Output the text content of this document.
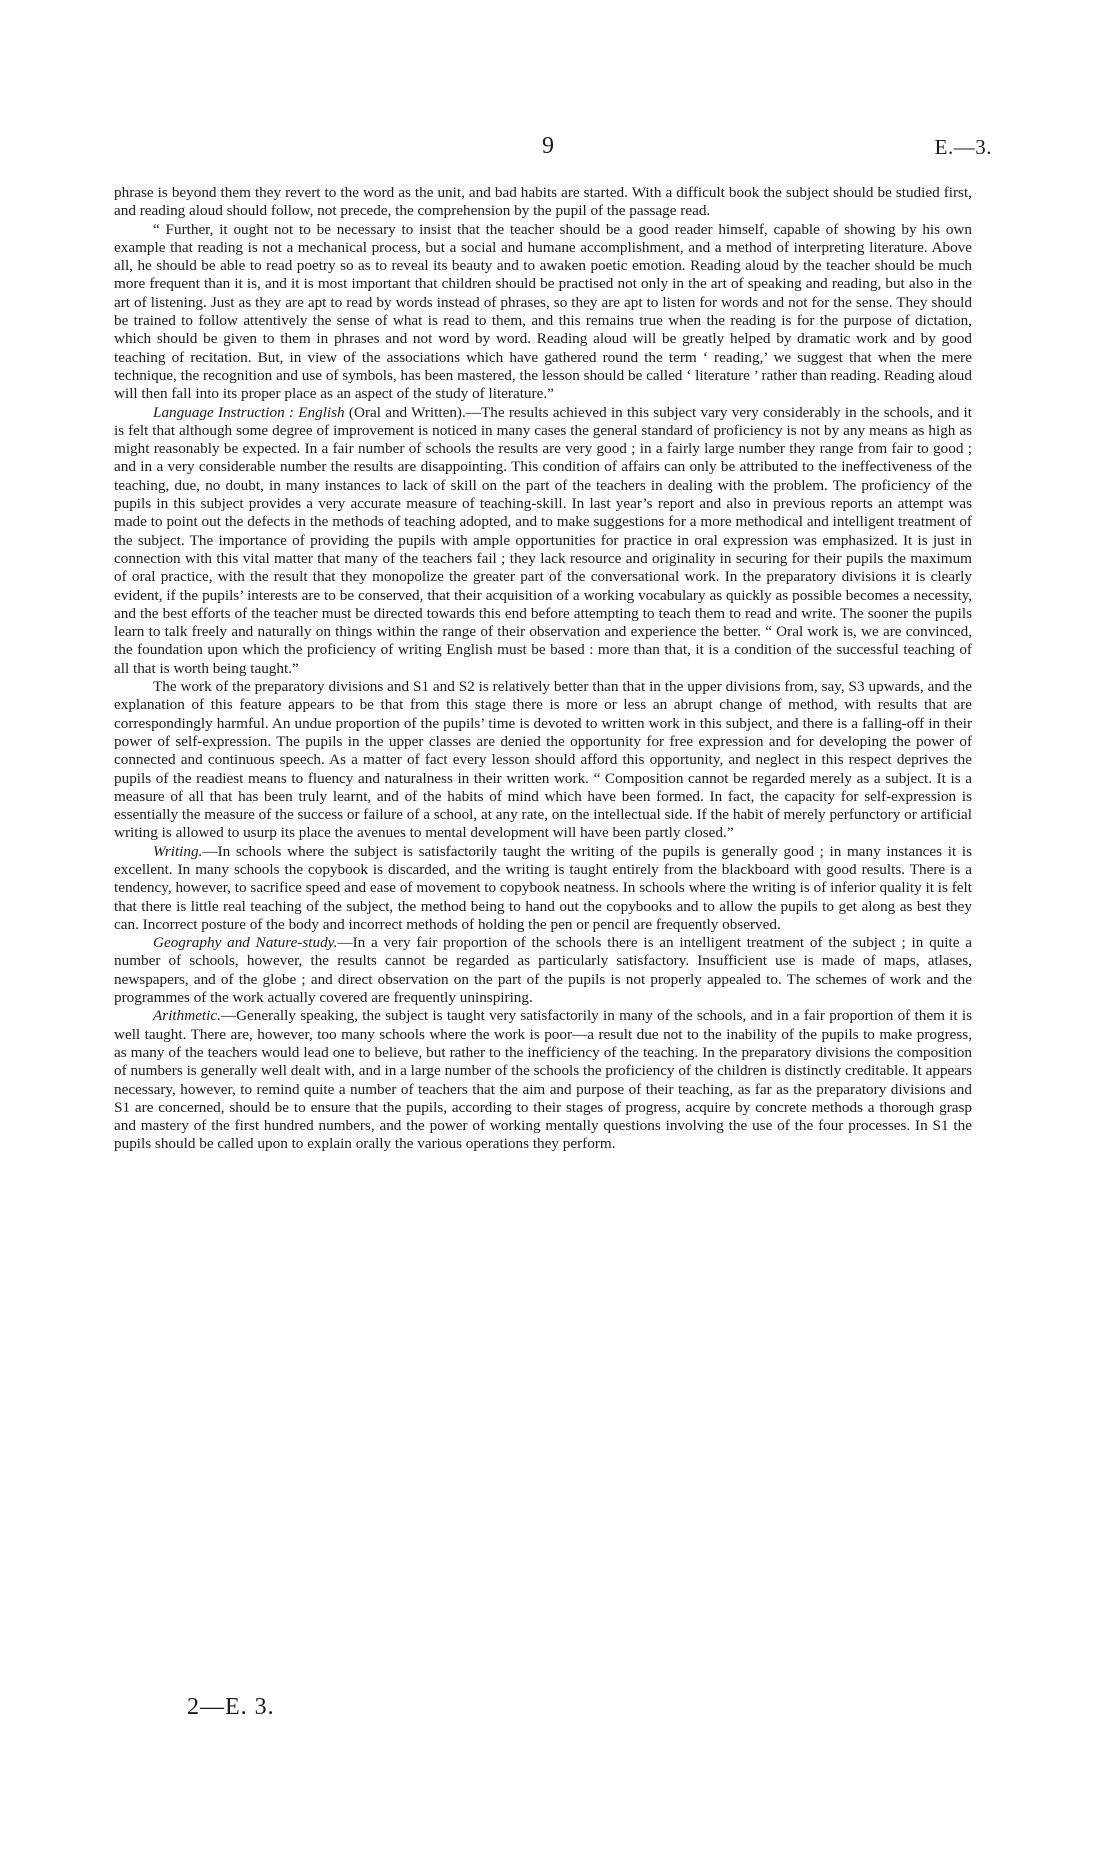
9	E.—3.

phrase is beyond them they revert to the word as the unit, and bad habits are started. With a difficult book the subject should be studied first, and reading aloud should follow, not precede, the comprehension by the pupil of the passage read.

“ Further, it ought not to be necessary to insist that the teacher should be a good reader himself, capable of showing by his own example that reading is not a mechanical process, but a social and humane accomplishment, and a method of interpreting literature. Above all, he should be able to read poetry so as to reveal its beauty and to awaken poetic emotion. Reading aloud by the teacher should be much more frequent than it is, and it is most important that children should be practised not only in the art of speaking and reading, but also in the art of listening. Just as they are apt to read by words instead of phrases, so they are apt to listen for words and not for the sense. They should be trained to follow attentively the sense of what is read to them, and this remains true when the reading is for the purpose of dictation, which should be given to them in phrases and not word by word. Reading aloud will be greatly helped by dramatic work and by good teaching of recitation. But, in view of the associations which have gathered round the term ‘ reading,’ we suggest that when the mere technique, the recognition and use of symbols, has been mastered, the lesson should be called ‘ literature ’ rather than reading. Reading aloud will then fall into its proper place as an aspect of the study of literature.”

Language Instruction : English (Oral and Written).—The results achieved in this subject vary very considerably in the schools, and it is felt that although some degree of improvement is noticed in many cases the general standard of proficiency is not by any means as high as might reasonably be expected. In a fair number of schools the results are very good ; in a fairly large number they range from fair to good ; and in a very considerable number the results are disappointing. This condition of affairs can only be attributed to the ineffectiveness of the teaching, due, no doubt, in many instances to lack of skill on the part of the teachers in dealing with the problem. The proficiency of the pupils in this subject provides a very accurate measure of teaching-skill. In last year’s report and also in previous reports an attempt was made to point out the defects in the methods of teaching adopted, and to make suggestions for a more methodical and intelligent treatment of the subject. The importance of providing the pupils with ample opportunities for practice in oral expression was emphasized. It is just in connection with this vital matter that many of the teachers fail ; they lack resource and originality in securing for their pupils the maximum of oral practice, with the result that they monopolize the greater part of the conversational work. In the preparatory divisions it is clearly evident, if the pupils’ interests are to be conserved, that their acquisition of a working vocabulary as quickly as possible becomes a necessity, and the best efforts of the teacher must be directed towards this end before attempting to teach them to read and write. The sooner the pupils learn to talk freely and naturally on things within the range of their observation and experience the better. “ Oral work is, we are convinced, the foundation upon which the proficiency of writing English must be based : more than that, it is a condition of the successful teaching of all that is worth being taught.”

The work of the preparatory divisions and S1 and S2 is relatively better than that in the upper divisions from, say, S3 upwards, and the explanation of this feature appears to be that from this stage there is more or less an abrupt change of method, with results that are correspondingly harmful. An undue proportion of the pupils’ time is devoted to written work in this subject, and there is a falling-off in their power of self-expression. The pupils in the upper classes are denied the opportunity for free expression and for developing the power of connected and continuous speech. As a matter of fact every lesson should afford this opportunity, and neglect in this respect deprives the pupils of the readiest means to fluency and naturalness in their written work. “ Composition cannot be regarded merely as a subject. It is a measure of all that has been truly learnt, and of the habits of mind which have been formed. In fact, the capacity for self-expression is essentially the measure of the success or failure of a school, at any rate, on the intellectual side. If the habit of merely perfunctory or artificial writing is allowed to usurp its place the avenues to mental development will have been partly closed.”

Writing.—In schools where the subject is satisfactorily taught the writing of the pupils is generally good ; in many instances it is excellent. In many schools the copybook is discarded, and the writing is taught entirely from the blackboard with good results. There is a tendency, however, to sacrifice speed and ease of movement to copybook neatness. In schools where the writing is of inferior quality it is felt that there is little real teaching of the subject, the method being to hand out the copybooks and to allow the pupils to get along as best they can. Incorrect posture of the body and incorrect methods of holding the pen or pencil are frequently observed.

Geography and Nature-study.—In a very fair proportion of the schools there is an intelligent treatment of the subject ; in quite a number of schools, however, the results cannot be regarded as particularly satisfactory. Insufficient use is made of maps, atlases, newspapers, and of the globe ; and direct observation on the part of the pupils is not properly appealed to. The schemes of work and the programmes of the work actually covered are frequently uninspiring.

Arithmetic.—Generally speaking, the subject is taught very satisfactorily in many of the schools, and in a fair proportion of them it is well taught. There are, however, too many schools where the work is poor—a result due not to the inability of the pupils to make progress, as many of the teachers would lead one to believe, but rather to the inefficiency of the teaching. In the preparatory divisions the composition of numbers is generally well dealt with, and in a large number of the schools the proficiency of the children is distinctly creditable. It appears necessary, however, to remind quite a number of teachers that the aim and purpose of their teaching, as far as the preparatory divisions and S1 are concerned, should be to ensure that the pupils, according to their stages of progress, acquire by concrete methods a thorough grasp and mastery of the first hundred numbers, and the power of working mentally questions involving the use of the four processes. In S1 the pupils should be called upon to explain orally the various operations they perform.

2—E. 3.
